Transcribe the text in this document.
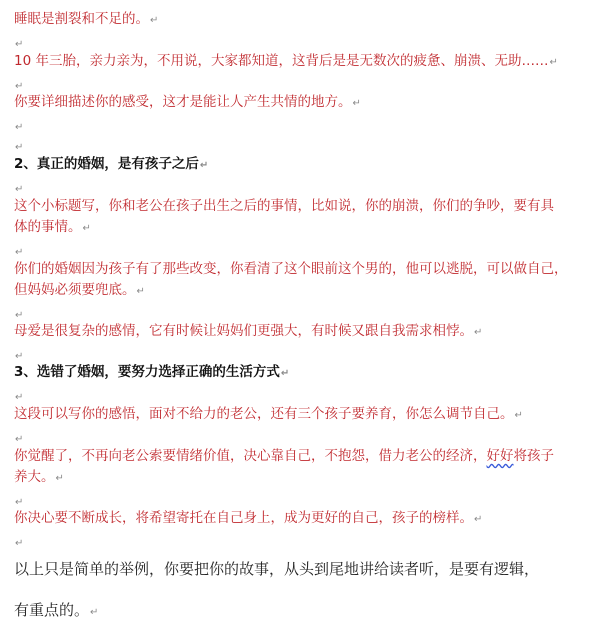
睡眠是割裂和不足的。↵
↵
10 年三胎，亲力亲为，不用说，大家都知道，这背后是是无数次的疲惫、崩溃、无助……↵
↵
你要详细描述你的感受，这才是能让人产生共情的地方。↵
↵
↵
2、真正的婚姻，是有孩子之后↵
↵
这个小标题写，你和老公在孩子出生之后的事情，比如说，你的崩溃，你们的争吵，要有具
体的事情。↵
↵
你们的婚姻因为孩子有了那些改变，你看清了这个眼前这个男的，他可以逃脱，可以做自己，
但妈妈必须要兜底。↵
↵
母爱是很复杂的感情，它有时候让妈妈们更强大，有时候又跟自我需求相悖。↵
↵
3、选错了婚姻，要努力选择正确的生活方式↵
↵
这段可以写你的感悟，面对不给力的老公，还有三个孩子要养育，你怎么调节自己。↵
↵
你觉醒了，不再向老公索要情绪价值，决心靠自己，不抱怨，借力老公的经济，好好将孩子
养大。↵
↵
你决心要不断成长，将希望寄托在自己身上，成为更好的自己，孩子的榜样。↵
↵
以上只是简单的举例，你要把你的故事，从头到尾地讲给读者听，是要有逻辑，
有重点的。↵
